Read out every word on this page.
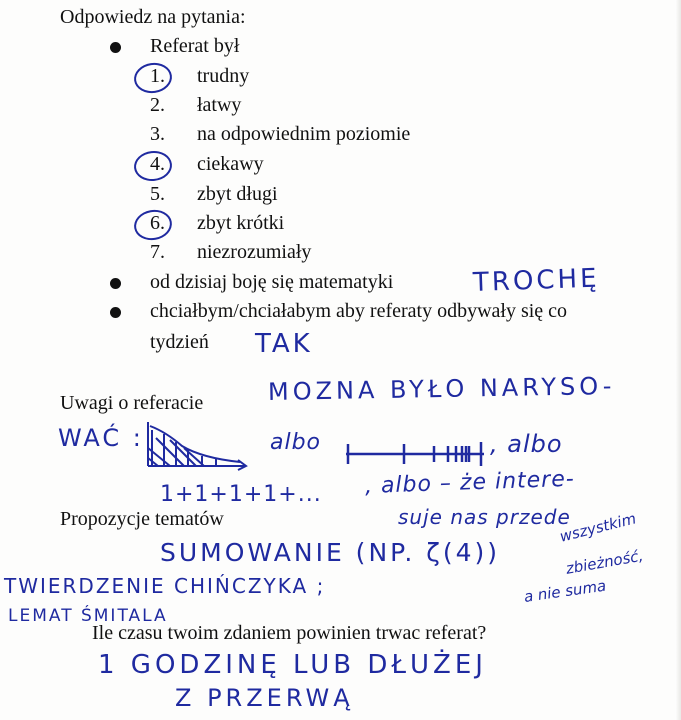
Odpowiedz na pytania:
Referat był
1. trudny
2. łatwy
3. na odpowiednim poziomie
4. ciekawy
5. zbyt długi
6. zbyt krótki
7. niezrozumiały
od dzisiaj boję się matematyki
chciałbym/chciałabym aby referaty odbywały się co
tydzień
Uwagi o referacie
Propozycje tematów
Ile czasu twoim zdaniem powinien trwac referat?
TROCHĘ
TAK
MOZNA BYŁO NARYSO-
WAĆ :	albo	, albo
1+1+1+1+... , albo – że intere-
suje nas przede
wszystkim
zbieżność,
a nie suma
SUMOWANIE (NP. ζ(4))
TWIERDZENIE CHIŃCZYKA ;
LEMAT ŚMITALA
1 GODZINĘ LUB DŁUŻEJ
Z PRZERWĄ
